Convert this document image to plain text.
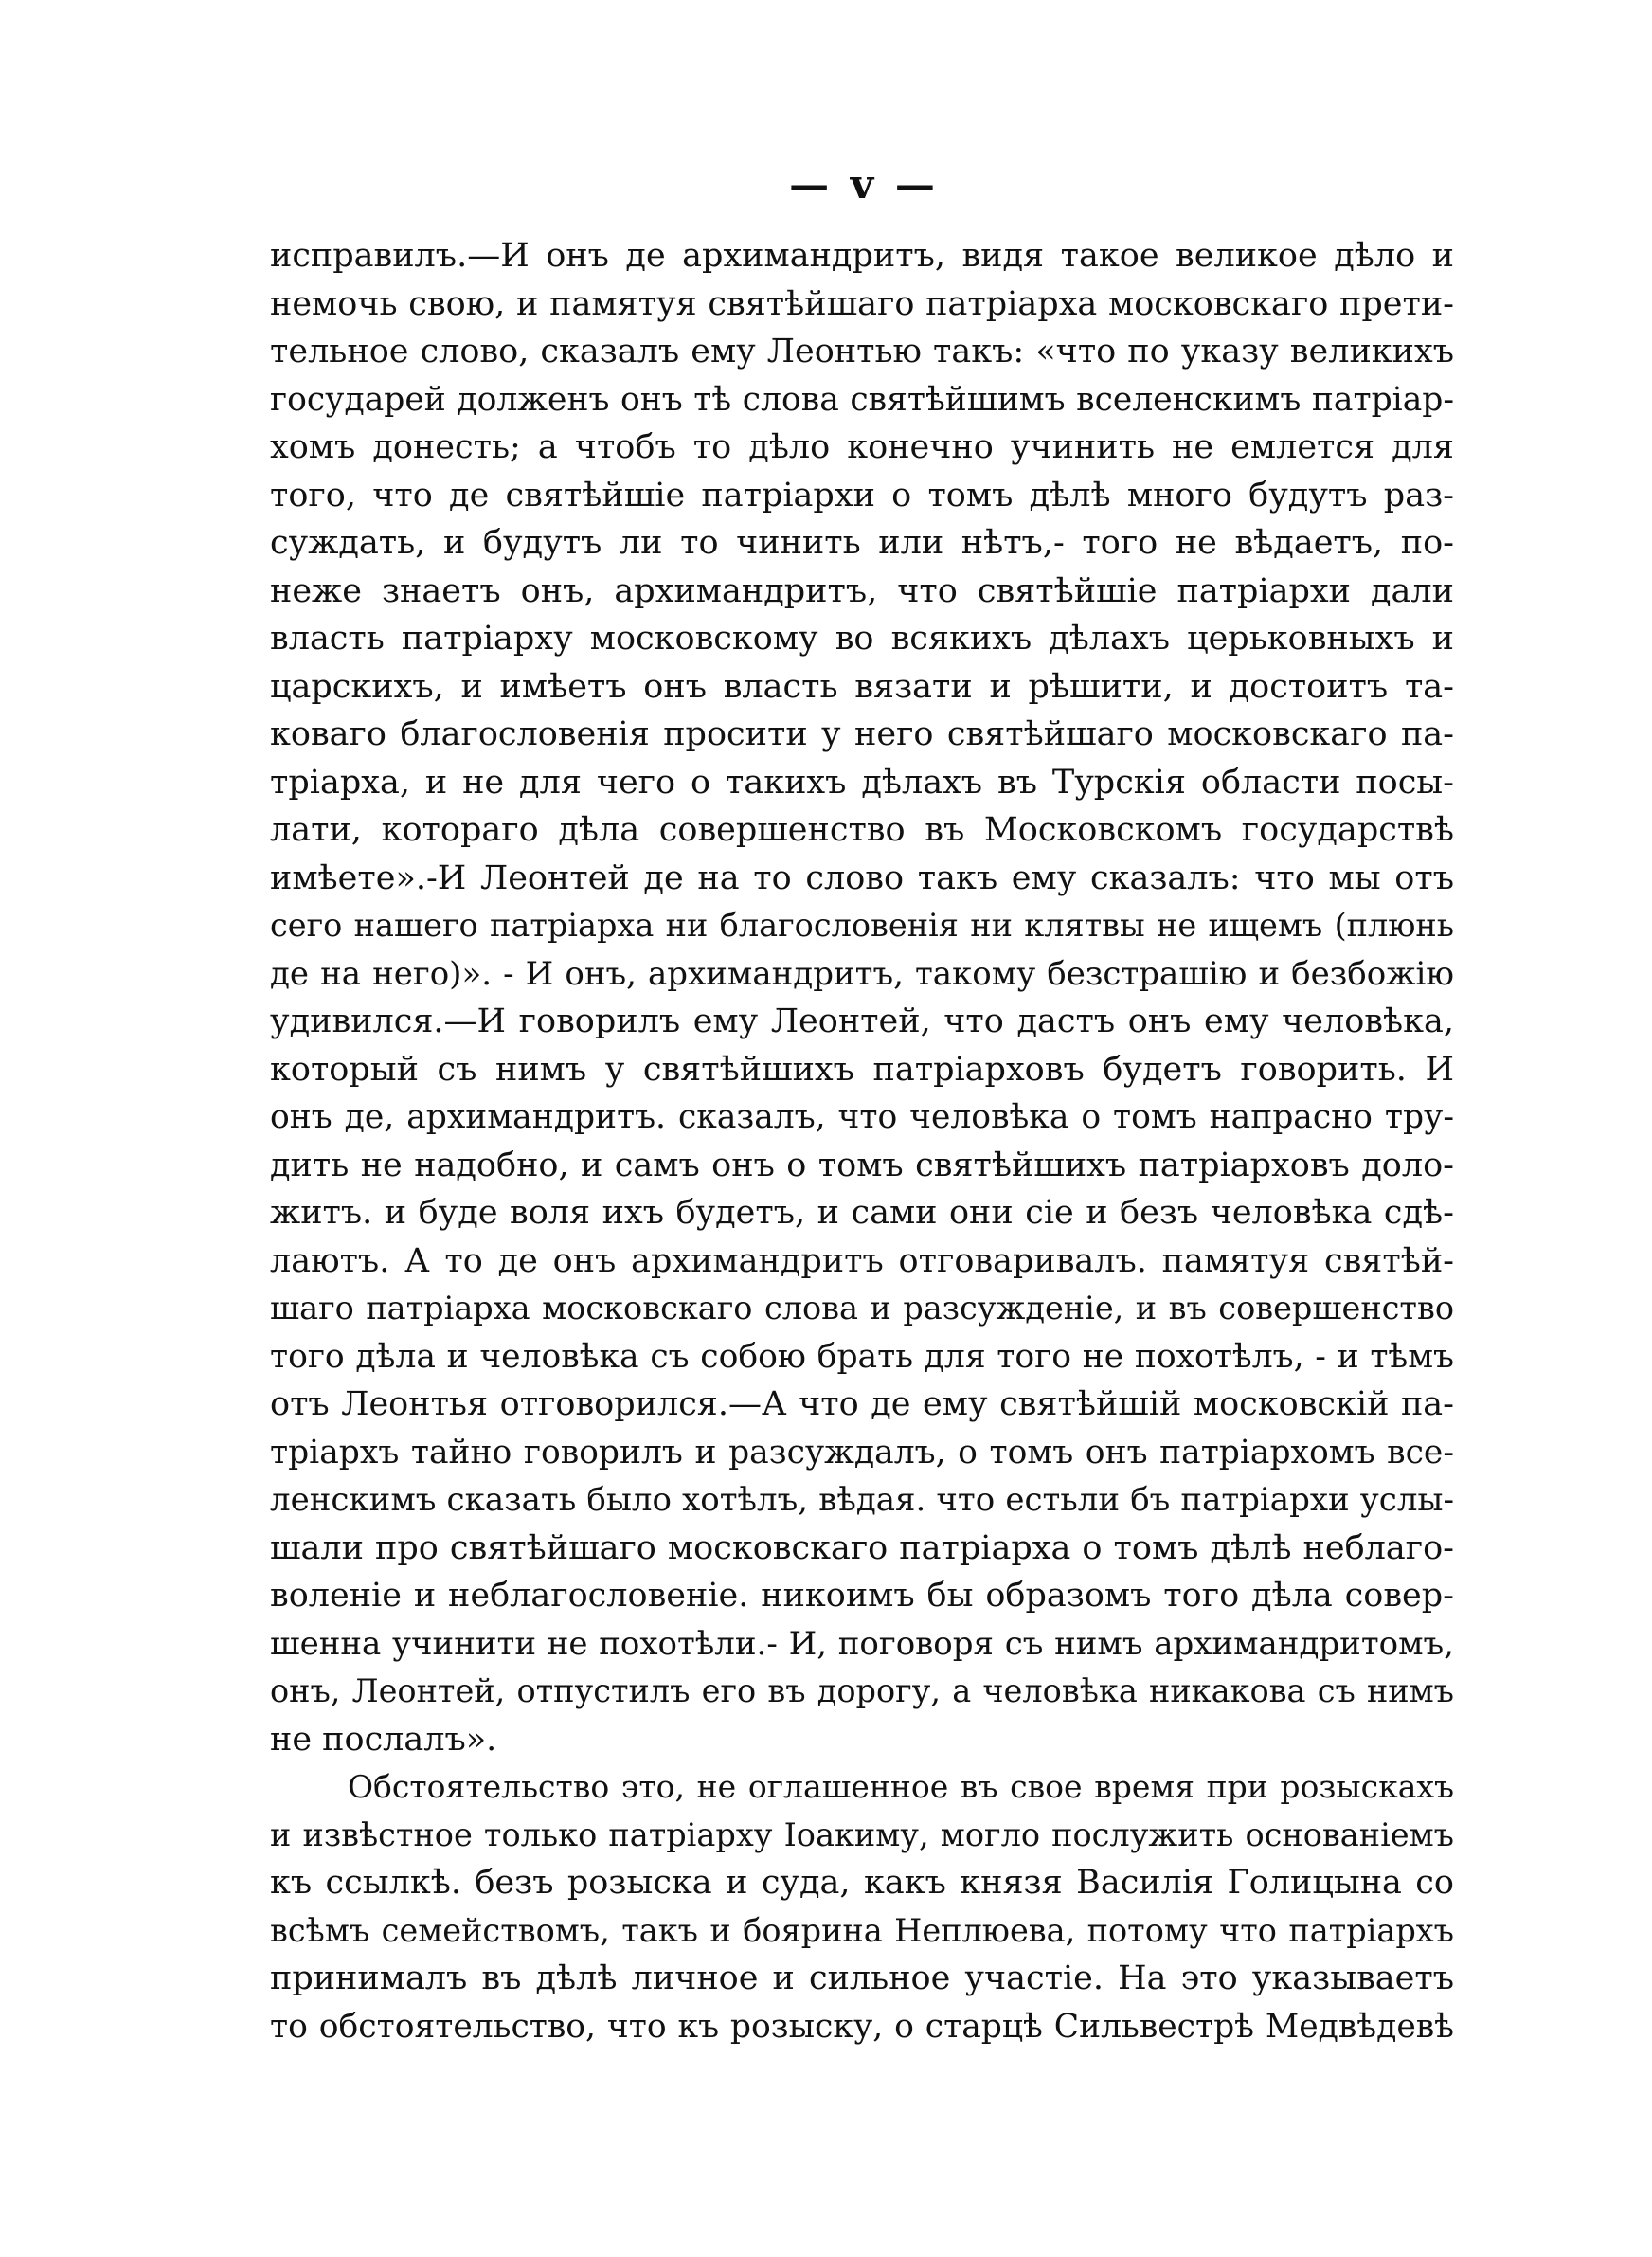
— v —
исправилъ.—И онъ де архимандритъ, видя такое великое дѣло и
немочь свою, и памятуя святѣйшаго патріарха московскаго прети-
тельное слово, сказалъ ему Леонтью такъ: «что по указу великихъ
государей долженъ онъ тѣ слова святѣйшимъ вселенскимъ патріар-
хомъ донесть; а чтобъ то дѣло конечно учинить не емлется для
того, что де святѣйшіе патріархи о томъ дѣлѣ много будутъ раз-
суждать, и будутъ ли то чинить или нѣтъ,- того не вѣдаетъ, по-
неже знаетъ онъ, архимандритъ, что святѣйшіе патріархи дали
власть патріарху московскому во всякихъ дѣлахъ церьковныхъ и
царскихъ, и имѣетъ онъ власть вязати и рѣшити, и достоитъ та-
коваго благословенія просити у него святѣйшаго московскаго па-
тріарха, и не для чего о такихъ дѣлахъ въ Турскія области посы-
лати, котораго дѣла совершенство въ Московскомъ государствѣ
имѣете».-И Леонтей де на то слово такъ ему сказалъ: что мы отъ
сего нашего патріарха ни благословенія ни клятвы не ищемъ (плюнь
де на него)». - И онъ, архимандритъ, такому безстрашію и безбожію
удивился.—И говорилъ ему Леонтей, что дастъ онъ ему человѣка,
который съ нимъ у святѣйшихъ патріарховъ будетъ говорить. И
онъ де, архимандритъ. сказалъ, что человѣка о томъ напрасно тру-
дить не надобно, и самъ онъ о томъ святѣйшихъ патріарховъ доло-
житъ. и буде воля ихъ будетъ, и сами они сіе и безъ человѣка сдѣ-
лаютъ. А то де онъ архимандритъ отговаривалъ. памятуя святѣй-
шаго патріарха московскаго слова и разсужденіе, и въ совершенство
того дѣла и человѣка съ собою брать для того не похотѣлъ, - и тѣмъ
отъ Леонтья отговорился.—А что де ему святѣйшій московскій па-
тріархъ тайно говорилъ и разсуждалъ, о томъ онъ патріархомъ все-
ленскимъ сказать было хотѣлъ, вѣдая. что естьли бъ патріархи услы-
шали про святѣйшаго московскаго патріарха о томъ дѣлѣ неблаго-
воленіе и неблагословеніе. никоимъ бы образомъ того дѣла совер-
шенна учинити не похотѣли.- И, поговоря съ нимъ архимандритомъ,
онъ, Леонтей, отпустилъ его въ дорогу, а человѣка никакова съ нимъ
не послалъ».
Обстоятельство это, не оглашенное въ свое время при розыскахъ
и извѣстное только патріарху Іоакиму, могло послужить основаніемъ
къ ссылкѣ. безъ розыска и суда, какъ князя Василія Голицына со
всѣмъ семействомъ, такъ и боярина Неплюева, потому что патріархъ
принималъ въ дѣлѣ личное и сильное участіе. На это указываетъ
то обстоятельство, что къ розыску, о старцѣ Сильвестрѣ Медвѣдевѣ
